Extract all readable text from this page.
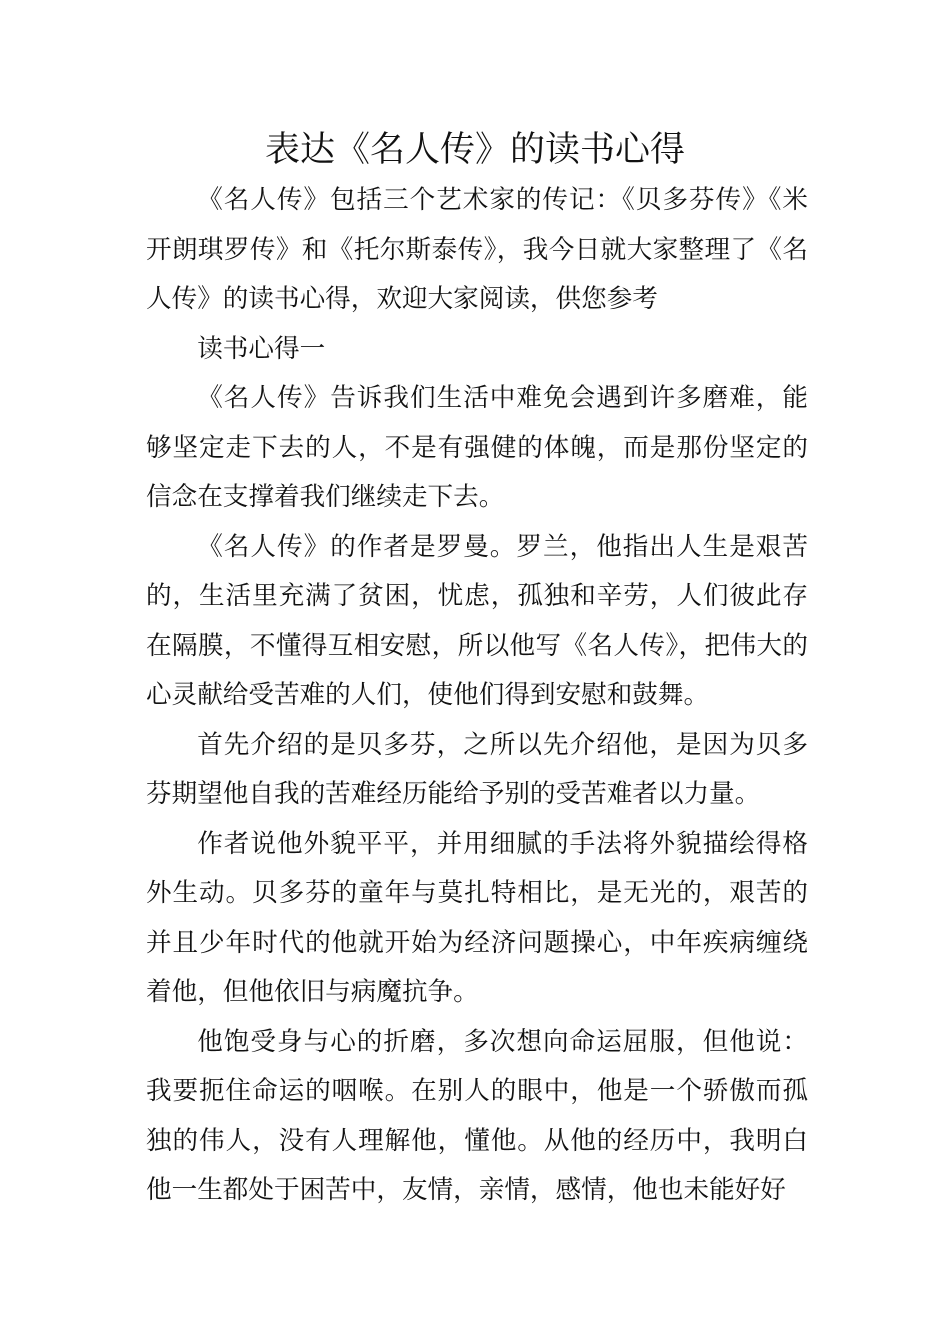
表达《名人传》的读书心得

《名人传》包括三个艺术家的传记：《贝多芬传》《米开朗琪罗传》和《托尔斯泰传》，我今日就大家整理了《名人传》的读书心得，欢迎大家阅读，供您参考

读书心得一

《名人传》告诉我们生活中难免会遇到许多磨难，能够坚定走下去的人，不是有强健的体魄，而是那份坚定的信念在支撑着我们继续走下去。

《名人传》的作者是罗曼。罗兰，他指出人生是艰苦的，生活里充满了贫困，忧虑，孤独和辛劳，人们彼此存在隔膜，不懂得互相安慰，所以他写《名人传》，把伟大的心灵献给受苦难的人们，使他们得到安慰和鼓舞。

首先介绍的是贝多芬，之所以先介绍他，是因为贝多芬期望他自我的苦难经历能给予别的受苦难者以力量。

作者说他外貌平平，并用细腻的手法将外貌描绘得格外生动。贝多芬的童年与莫扎特相比，是无光的，艰苦的并且少年时代的他就开始为经济问题操心，中年疾病缠绕着他，但他依旧与病魔抗争。

他饱受身与心的折磨，多次想向命运屈服，但他说：我要扼住命运的咽喉。在别人的眼中，他是一个骄傲而孤独的伟人，没有人理解他，懂他。从他的经历中，我明白他一生都处于困苦中，友情，亲情，感情，他也未能好好
